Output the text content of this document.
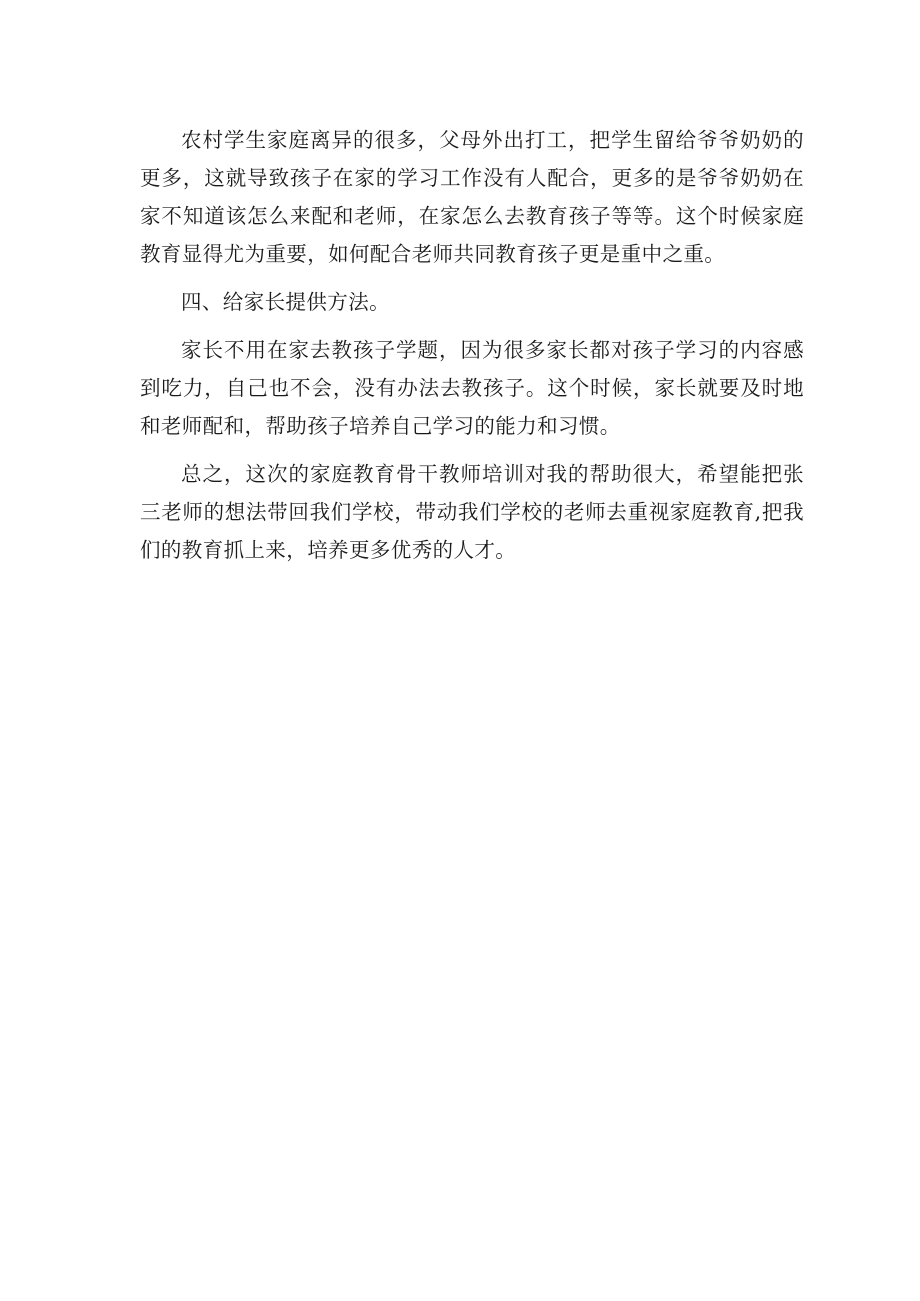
农村学生家庭离异的很多，父母外出打工，把学生留给爷爷奶奶的更多，这就导致孩子在家的学习工作没有人配合，更多的是爷爷奶奶在家不知道该怎么来配和老师，在家怎么去教育孩子等等。这个时候家庭教育显得尤为重要，如何配合老师共同教育孩子更是重中之重。

四、给家长提供方法。

家长不用在家去教孩子学题，因为很多家长都对孩子学习的内容感到吃力，自己也不会，没有办法去教孩子。这个时候，家长就要及时地和老师配和，帮助孩子培养自己学习的能力和习惯。

总之，这次的家庭教育骨干教师培训对我的帮助很大，希望能把张三老师的想法带回我们学校，带动我们学校的老师去重视家庭教育,把我们的教育抓上来，培养更多优秀的人才。
